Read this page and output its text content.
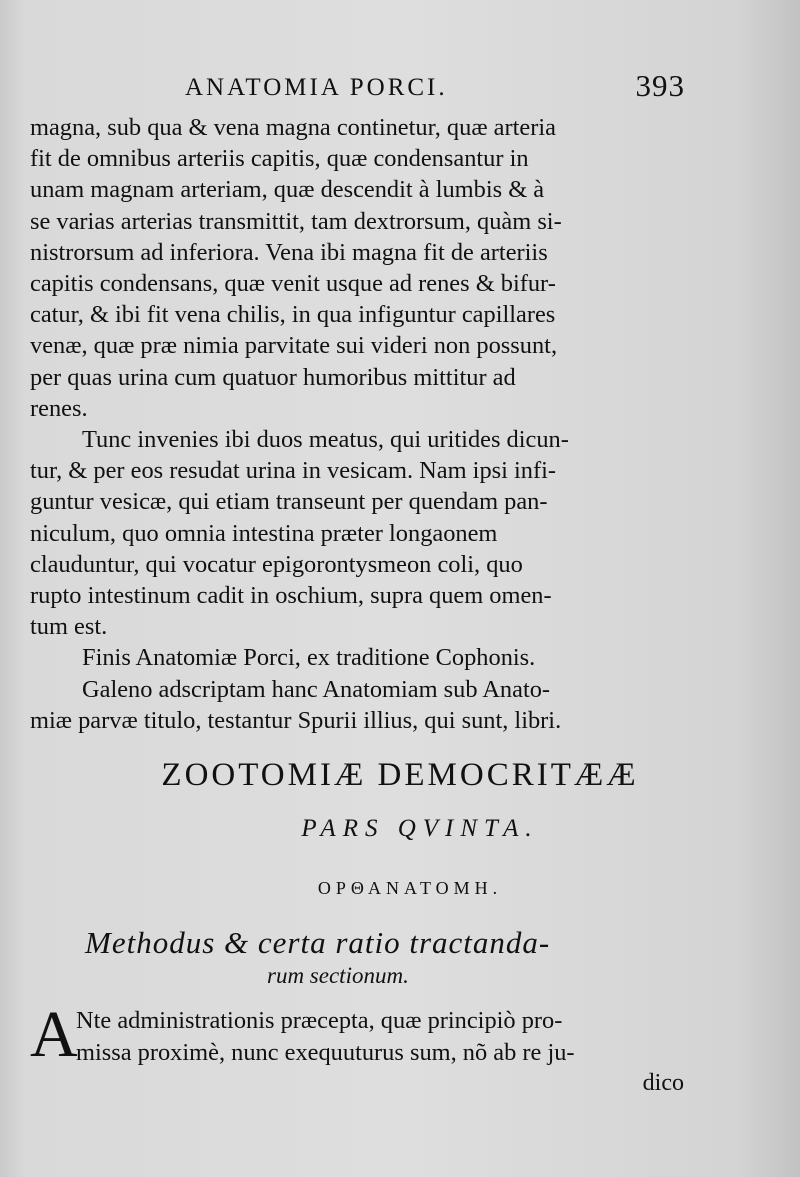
ANATOMIA PORCI.	393

magna, sub qua & vena magna continetur, quæ arteria
fit de omnibus arteriis capitis, quæ condensantur in
unam magnam arteriam, quæ descendit à lumbis & à
se varias arterias transmittit, tam dextrorsum, quàm si-
nistrorsum ad inferiora. Vena ibi magna fit de arteriis
capitis condensans, quæ venit usque ad renes & bifur-
catur, & ibi fit vena chilis, in qua infiguntur capillares
venæ, quæ præ nimia parvitate sui videri non possunt,
per quas urina cum quatuor humoribus mittitur ad
renes.

Tunc invenies ibi duos meatus, qui uritides dicun-
tur, & per eos resudat urina in vesicam. Nam ipsi infi-
guntur vesicæ, qui etiam transeunt per quendam pan-
niculum, quo omnia intestina præter longaonem
clauduntur, qui vocatur epigorontysmeon coli, quo
rupto intestinum cadit in oschium, supra quem omen-
tum est.

Finis Anatomiæ Porci, ex traditione Cophonis.

Galeno adscriptam hanc Anatomiam sub Anato-
miæ parvæ titulo, testantur Spurii illius, qui sunt, libri.

ZOOTOMIÆ DEMOCRITÆÆ
PARS QVINTA.
ΟΡΘΑΝΑΤΟΜΗ.
Methodus & certa ratio tractanda-
rum sectionum.
A
Nte administrationis præcepta, quæ principiò pro-
missa proximè, nunc exequuturus sum, nõ ab re ju-
dico
